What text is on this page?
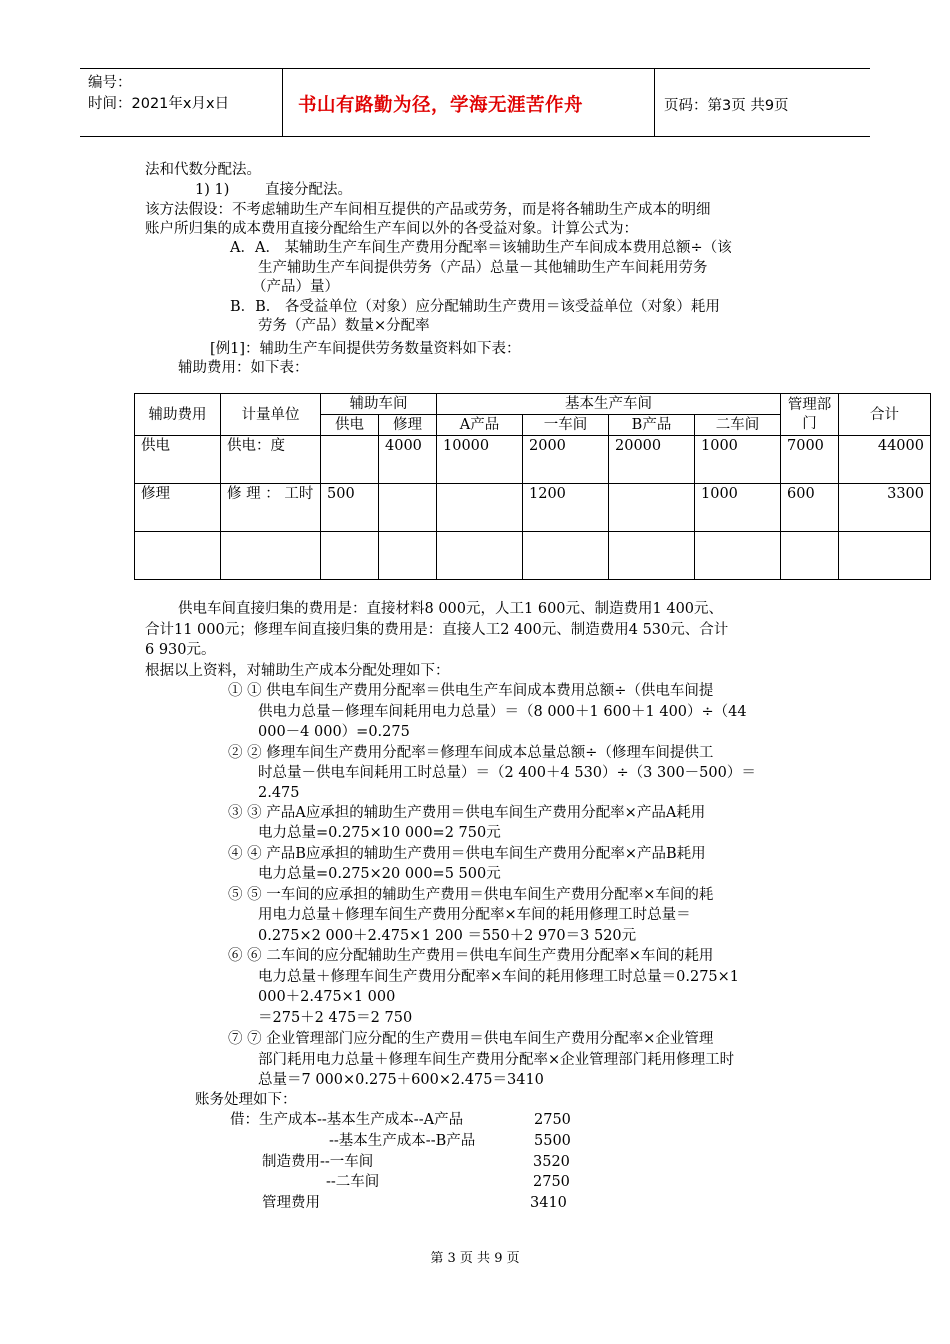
编号：
时间：2021年x月x日	书山有路勤为径，学海无涯苦作舟	页码：第3页 共9页
法和代数分配法。
1) 1) 直接分配法。
该方法假设：不考虑辅助生产车间相互提供的产品或劳务，而是将各辅助生产成本的明细
账户所归集的成本费用直接分配给生产车间以外的各受益对象。计算公式为：
A．A． 某辅助生产车间生产费用分配率＝该辅助生产车间成本费用总额÷（该
生产辅助生产车间提供劳务（产品）总量－其他辅助生产车间耗用劳务
（产品）量）
B．B． 各受益单位（对象）应分配辅助生产费用＝该受益单位（对象）耗用
劳务（产品）数量×分配率
[例1]：辅助生产车间提供劳务数量资料如下表：
辅助费用：如下表：
辅助费用	计量单位	辅助车间		基本生产车间				管理部门	合计
		供电	修理	A产品	一车间	B产品	二车间		
供电	供电：度		4000	10000	2000	20000	1000	7000	44000
修理	修 理 ： 工时	500			1200		1000	600	3300

供电车间直接归集的费用是：直接材料8 000元，人工1 600元、制造费用1 400元、
合计11 000元；修理车间直接归集的费用是：直接人工2 400元、制造费用4 530元、合计
6 930元。
根据以上资料，对辅助生产成本分配处理如下：
① ① 供电车间生产费用分配率＝供电生产车间成本费用总额÷（供电车间提
供电力总量－修理车间耗用电力总量）＝（8 000＋1 600＋1 400）÷（44
000－4 000）=0.275
② ② 修理车间生产费用分配率＝修理车间成本总量总额÷（修理车间提供工
时总量－供电车间耗用工时总量）＝（2 400＋4 530）÷（3 300－500）＝
2.475
③ ③ 产品A应承担的辅助生产费用＝供电车间生产费用分配率×产品A耗用
电力总量=0.275×10 000=2 750元
④ ④ 产品B应承担的辅助生产费用＝供电车间生产费用分配率×产品B耗用
电力总量=0.275×20 000=5 500元
⑤ ⑤ 一车间的应承担的辅助生产费用＝供电车间生产费用分配率×车间的耗
用电力总量＋修理车间生产费用分配率×车间的耗用修理工时总量＝
0.275×2 000＋2.475×1 200 ＝550＋2 970＝3 520元
⑥ ⑥ 二车间的应分配辅助生产费用＝供电车间生产费用分配率×车间的耗用
电力总量＋修理车间生产费用分配率×车间的耗用修理工时总量＝0.275×1
000＋2.475×1 000
＝275＋2 475＝2 750
⑦ ⑦ 企业管理部门应分配的生产费用＝供电车间生产费用分配率×企业管理
部门耗用电力总量＋修理车间生产费用分配率×企业管理部门耗用修理工时
总量＝7 000×0.275＋600×2.475＝3410
账务处理如下：
借：生产成本--基本生产成本--A产品	2750
--基本生产成本--B产品	5500
制造费用--一车间	3520
--二车间	2750
管理费用	3410
第 3 页 共 9 页
